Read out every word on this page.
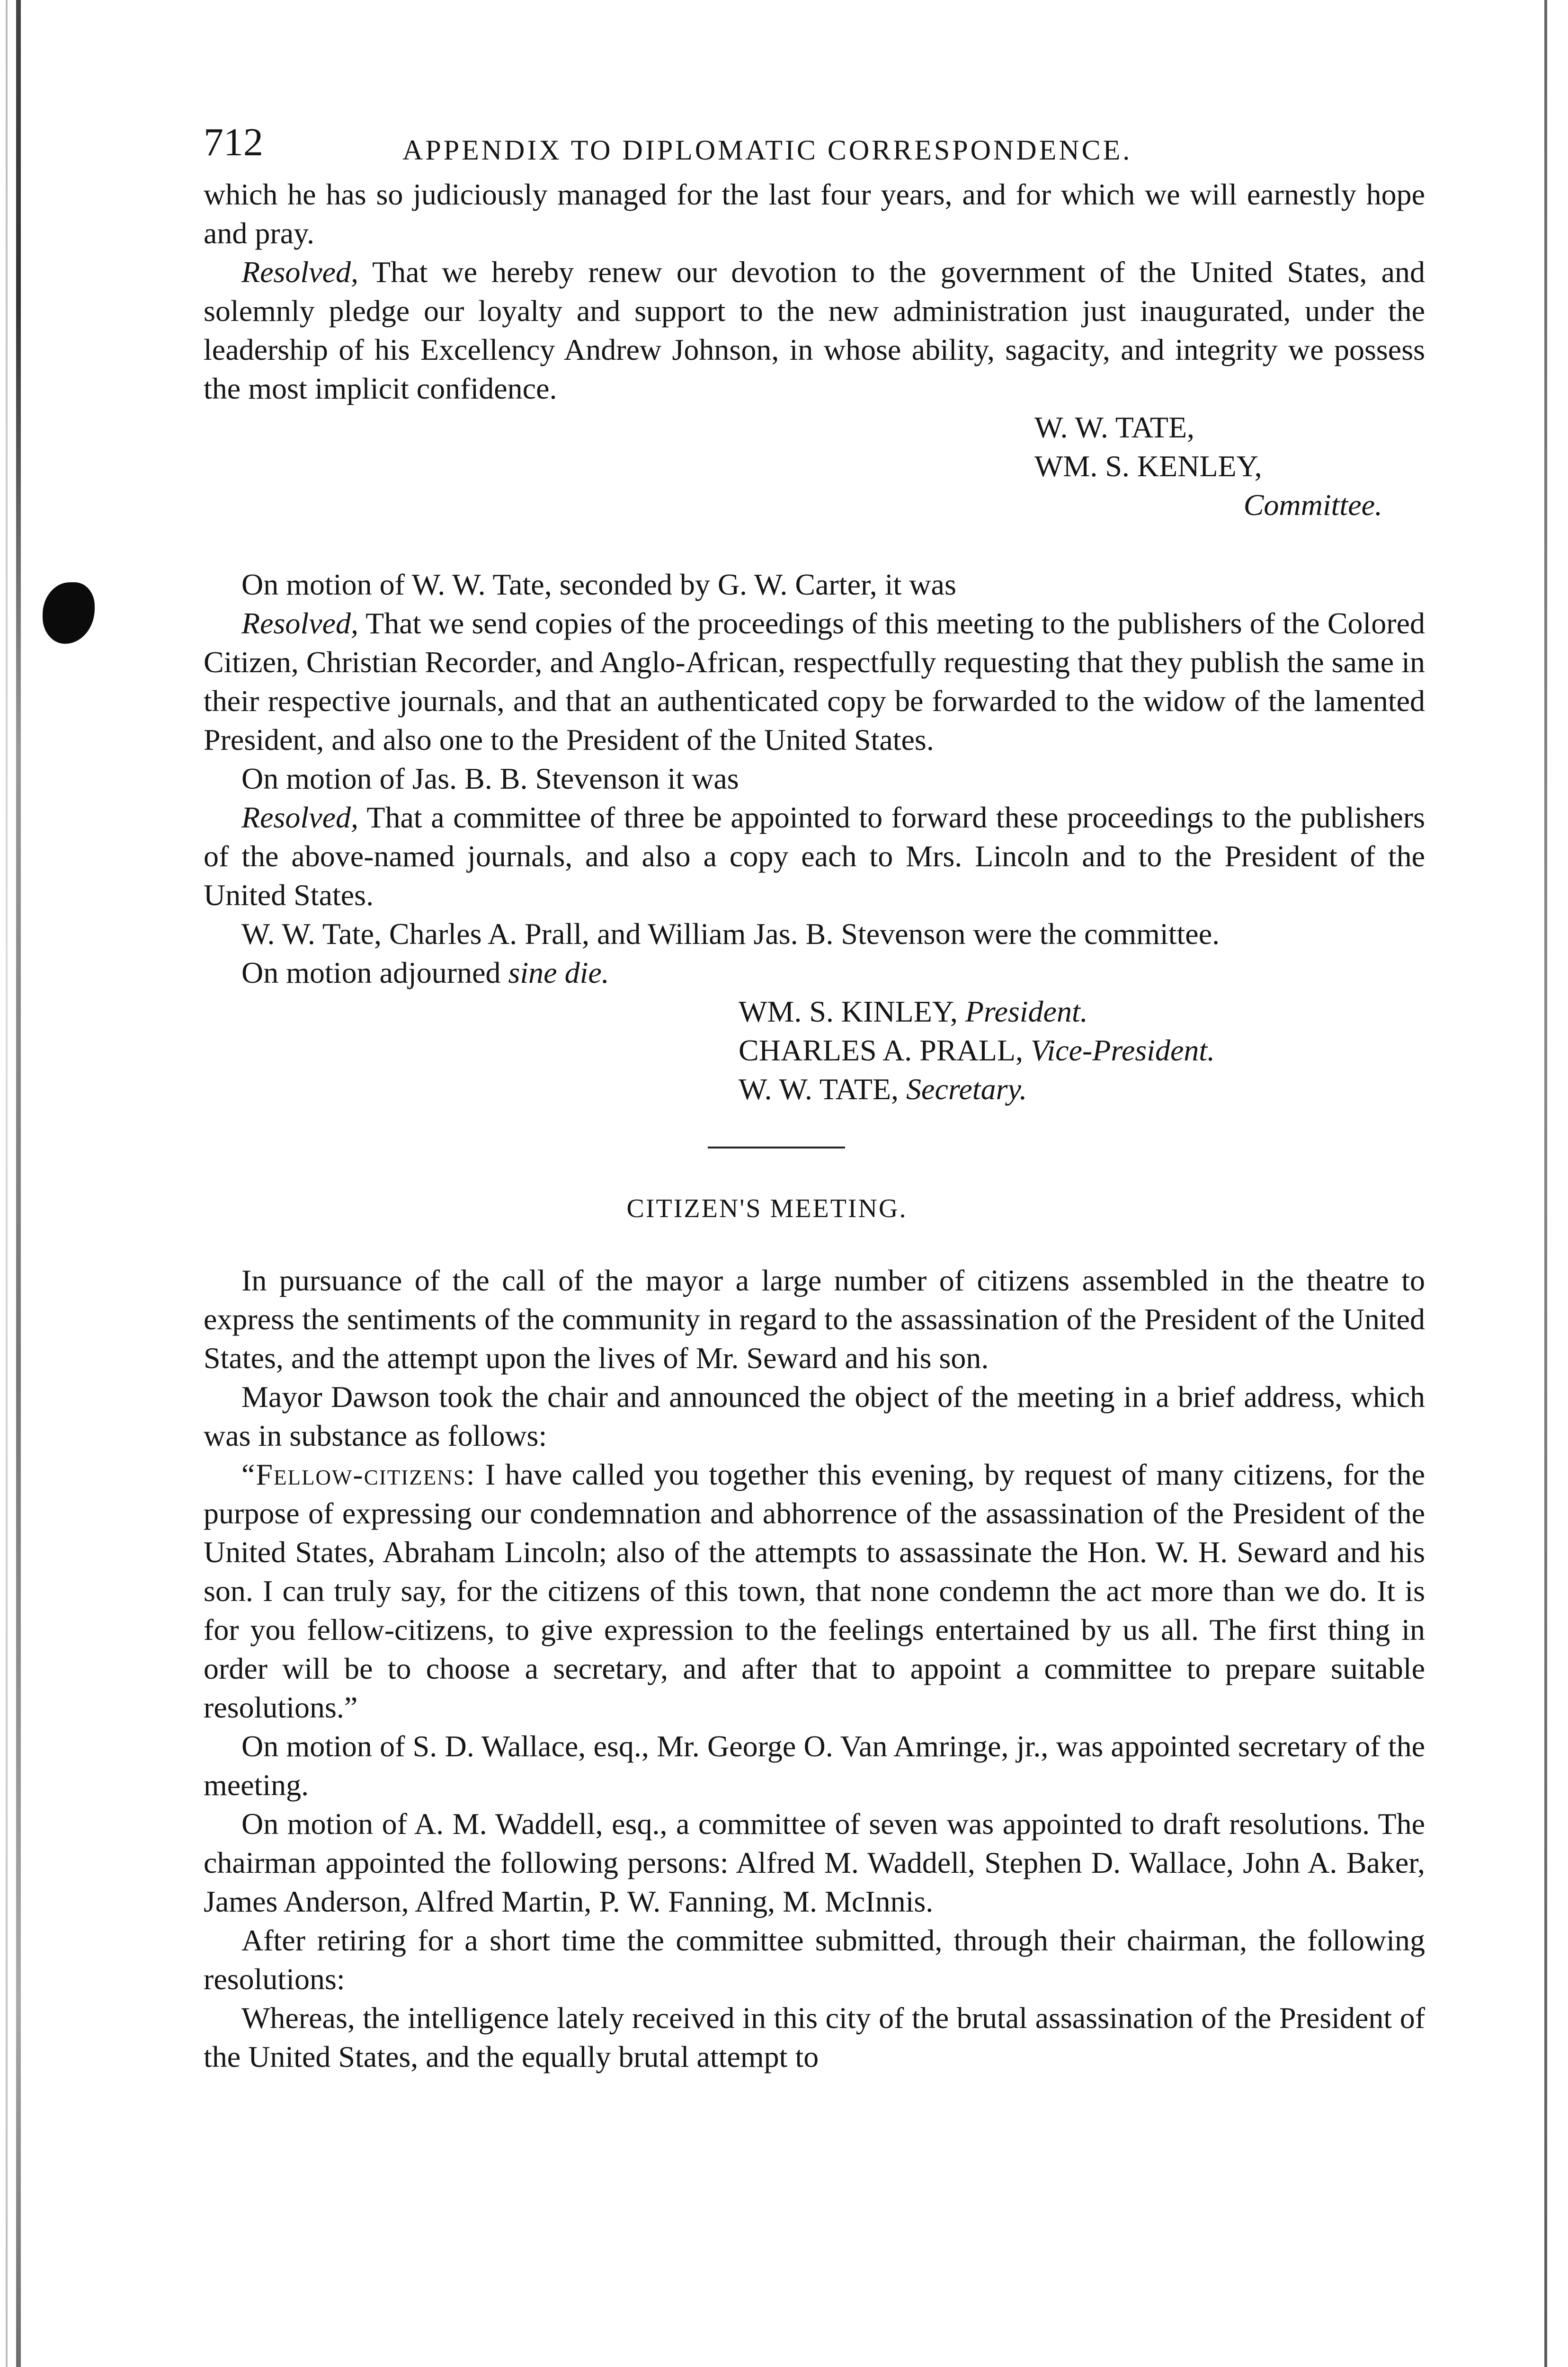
712	APPENDIX TO DIPLOMATIC CORRESPONDENCE.

which he has so judiciously managed for the last four years, and for which we will earnestly hope and pray.

Resolved, That we hereby renew our devotion to the government of the United States, and solemnly pledge our loyalty and support to the new administration just inaugurated, under the leadership of his Excellency Andrew Johnson, in whose ability, sagacity, and integrity we possess the most implicit confidence.

W. W. TATE,

WM. S. KENLEY,

Committee.

On motion of W. W. Tate, seconded by G. W. Carter, it was

Resolved, That we send copies of the proceedings of this meeting to the publishers of the Colored Citizen, Christian Recorder, and Anglo-African, respectfully requesting that they publish the same in their respective journals, and that an authenticated copy be forwarded to the widow of the lamented President, and also one to the President of the United States.

On motion of Jas. B. B. Stevenson it was

Resolved, That a committee of three be appointed to forward these proceedings to the publishers of the above-named journals, and also a copy each to Mrs. Lincoln and to the President of the United States.

W. W. Tate, Charles A. Prall, and William Jas. B. Stevenson were the committee.

On motion adjourned sine die.

WM. S. KINLEY, President.

CHARLES A. PRALL, Vice-President.

W. W. TATE, Secretary.

CITIZEN'S MEETING.

In pursuance of the call of the mayor a large number of citizens assembled in the theatre to express the sentiments of the community in regard to the assassination of the President of the United States, and the attempt upon the lives of Mr. Seward and his son.

Mayor Dawson took the chair and announced the object of the meeting in a brief address, which was in substance as follows:

“Fellow-citizens: I have called you together this evening, by request of many citizens, for the purpose of expressing our condemnation and abhorrence of the assassination of the President of the United States, Abraham Lincoln; also of the attempts to assassinate the Hon. W. H. Seward and his son. I can truly say, for the citizens of this town, that none condemn the act more than we do. It is for you fellow-citizens, to give expression to the feelings entertained by us all. The first thing in order will be to choose a secretary, and after that to appoint a committee to prepare suitable resolutions.”

On motion of S. D. Wallace, esq., Mr. George O. Van Amringe, jr., was appointed secretary of the meeting.

On motion of A. M. Waddell, esq., a committee of seven was appointed to draft resolutions. The chairman appointed the following persons: Alfred M. Waddell, Stephen D. Wallace, John A. Baker, James Anderson, Alfred Martin, P. W. Fanning, M. McInnis.

After retiring for a short time the committee submitted, through their chairman, the following resolutions:

Whereas, the intelligence lately received in this city of the brutal assassination of the President of the United States, and the equally brutal attempt to
